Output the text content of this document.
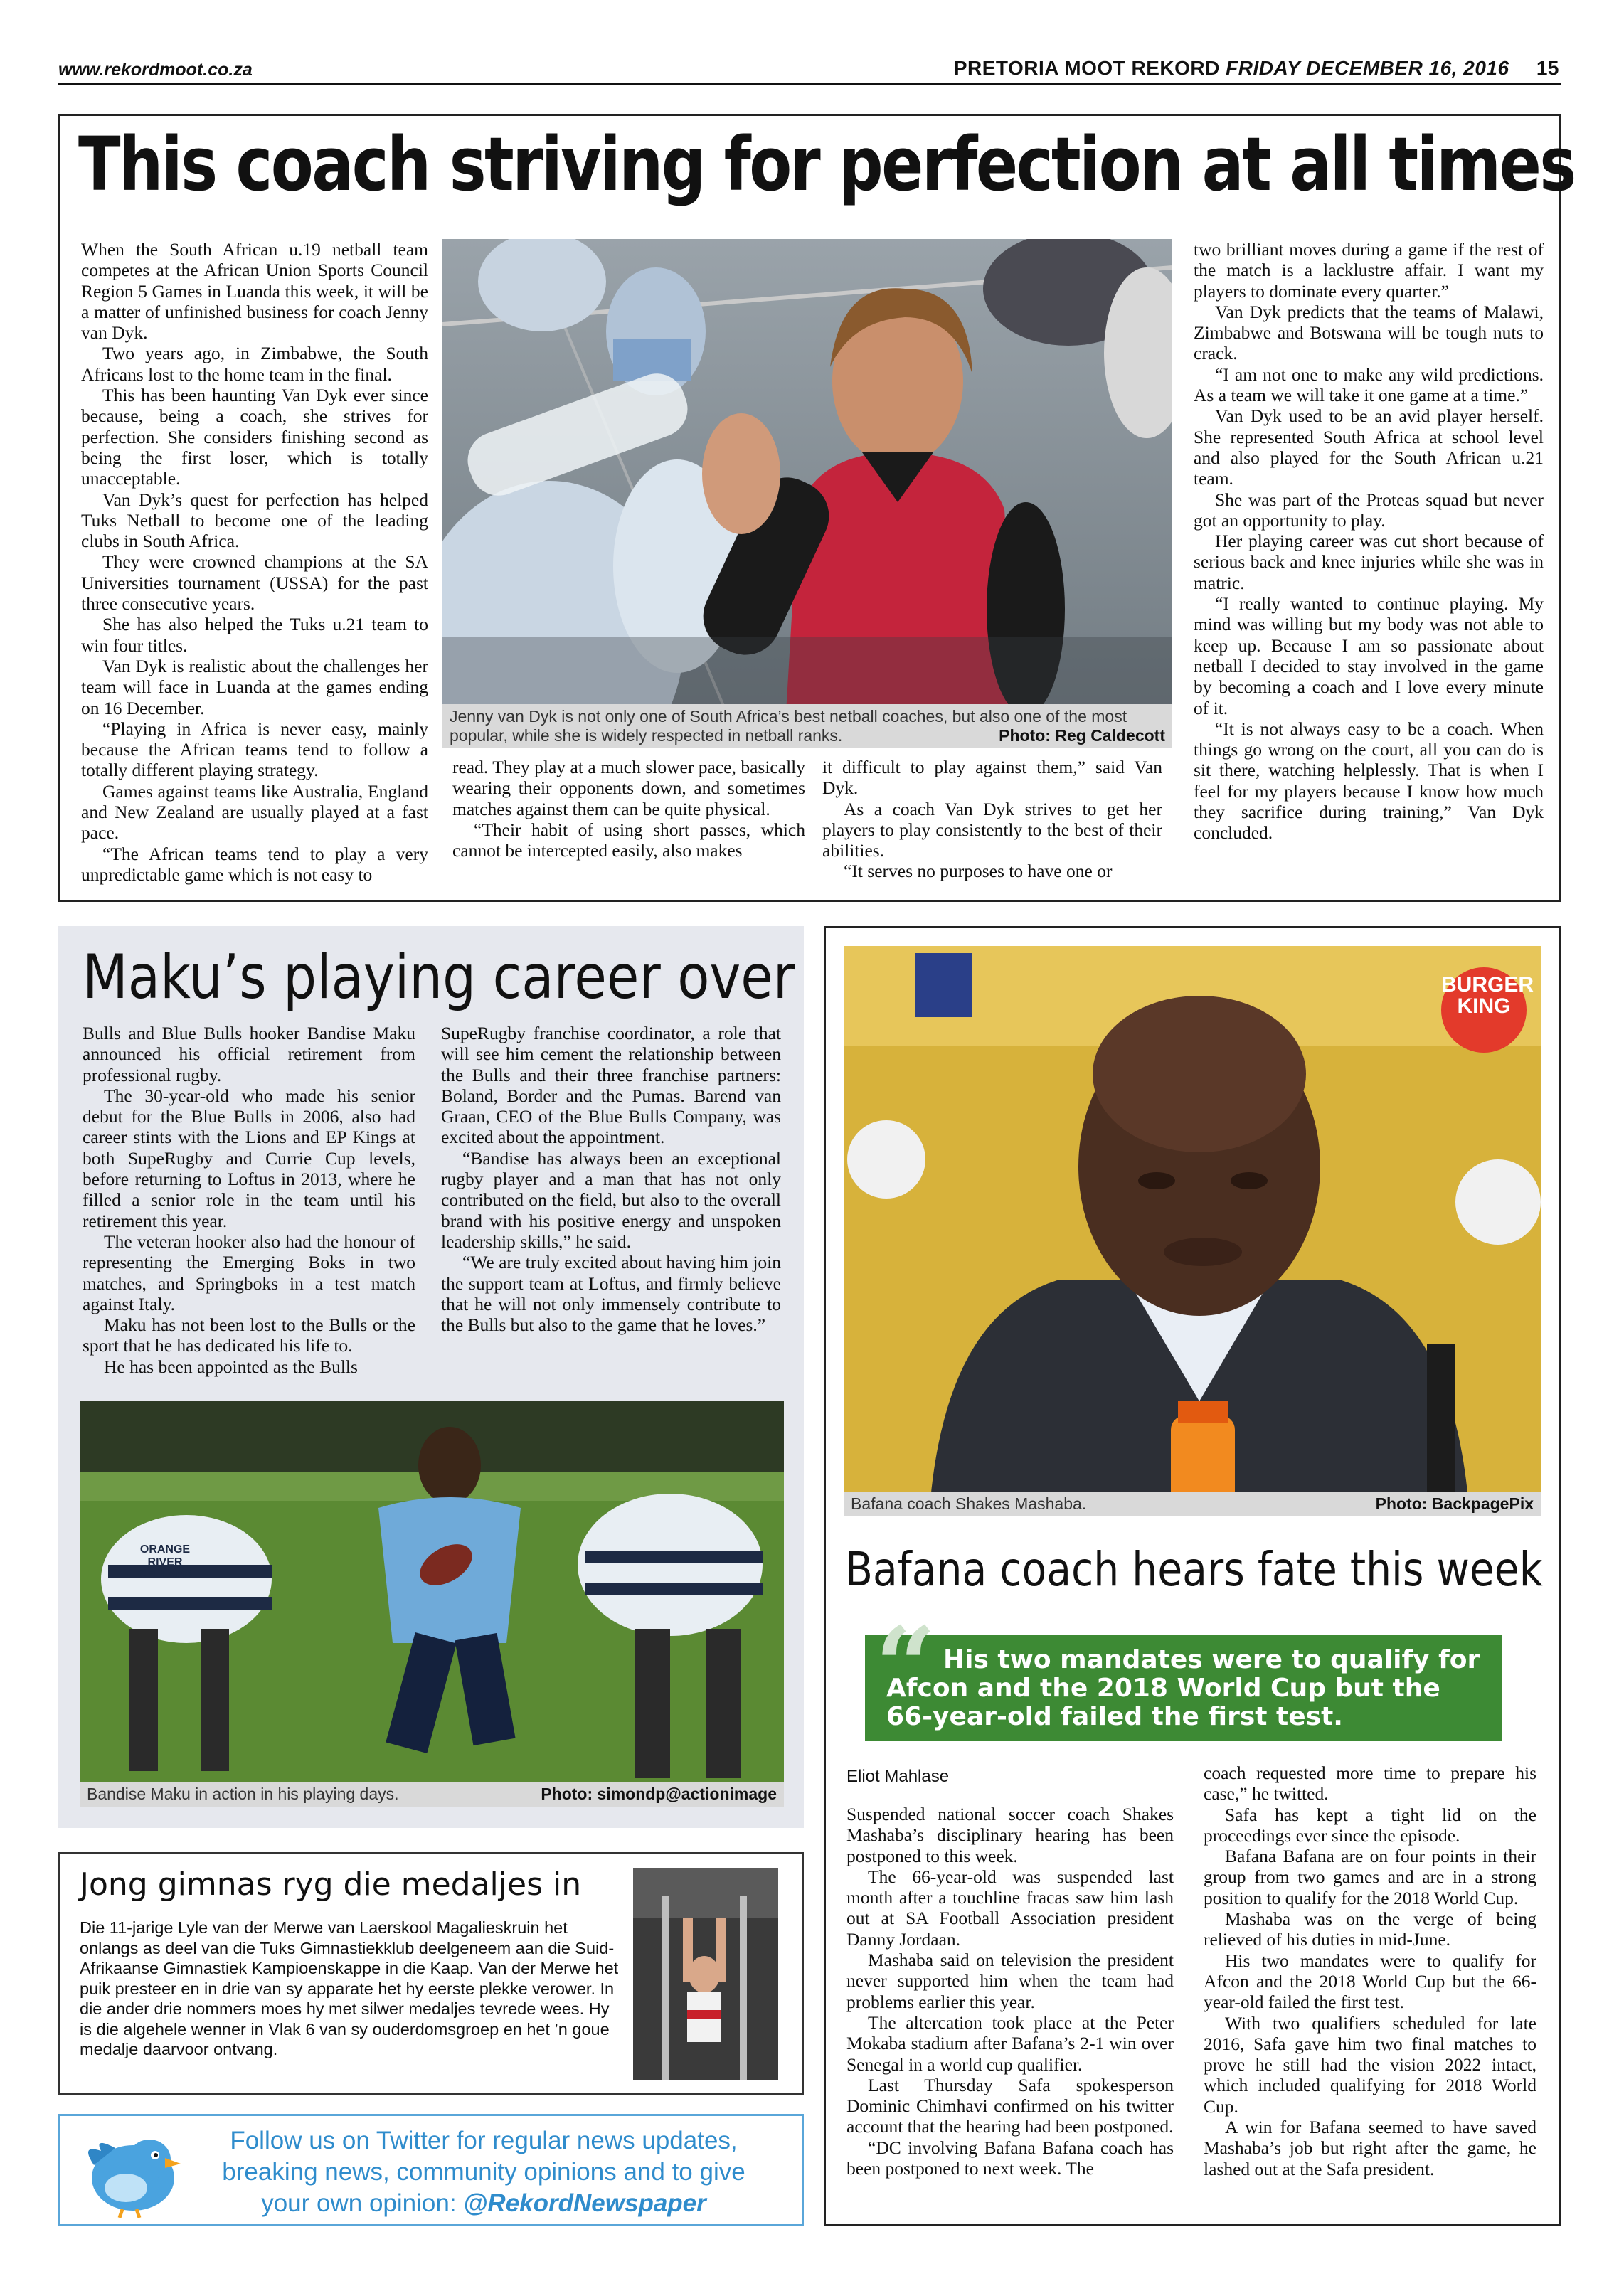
www.rekordmoot.co.za	PRETORIA MOOT REKORD FRIDAY DECEMBER 16, 2016 15
This coach striving for perfection at all times

When the South African u.19 netball team competes at the African Union Sports Council Region 5 Games in Luanda this week, it will be a matter of unfinished business for coach Jenny van Dyk.

Two years ago, in Zimbabwe, the South Africans lost to the home team in the final.

This has been haunting Van Dyk ever since because, being a coach, she strives for perfection. She considers finishing second as being the first loser, which is totally unacceptable.

Van Dyk’s quest for perfection has helped Tuks Netball to become one of the leading clubs in South Africa.

They were crowned champions at the SA Universities tournament (USSA) for the past three consecutive years.

She has also helped the Tuks u.21 team to win four titles.

Van Dyk is realistic about the challenges her team will face in Luanda at the games ending on 16 December.

“Playing in Africa is never easy, mainly because the African teams tend to follow a totally different playing strategy.

Games against teams like Australia, England and New Zealand are usually played at a fast pace.

“The African teams tend to play a very unpredictable game which is not easy to

Jenny van Dyk is not only one of South Africa’s best netball coaches, but also one of the most popular, while she is widely respected in netball ranks.	Photo: Reg Caldecott

read. They play at a much slower pace, basically wearing their opponents down, and sometimes matches against them can be quite physical.

“Their habit of using short passes, which cannot be intercepted easily, also makes

it difficult to play against them,” said Van Dyk.

As a coach Van Dyk strives to get her players to play consistently to the best of their abilities.

“It serves no purposes to have one or

two brilliant moves during a game if the rest of the match is a lacklustre affair. I want my players to dominate every quarter.”

Van Dyk predicts that the teams of Malawi, Zimbabwe and Botswana will be tough nuts to crack.

“I am not one to make any wild predictions. As a team we will take it one game at a time.”

Van Dyk used to be an avid player herself. She represented South Africa at school level and also played for the South African u.21 team.

She was part of the Proteas squad but never got an opportunity to play.

Her playing career was cut short because of serious back and knee injuries while she was in matric.

“I really wanted to continue playing. My mind was willing but my body was not able to keep up. Because I am so passionate about netball I decided to stay involved in the game by becoming a coach and I love every minute of it.

“It is not always easy to be a coach. When things go wrong on the court, all you can do is sit there, watching helplessly. That is when I feel for my players because I know how much they sacrifice during training,” Van Dyk concluded.

Maku’s playing career over

Bulls and Blue Bulls hooker Bandise Maku announced his official retirement from professional rugby.

The 30-year-old who made his senior debut for the Blue Bulls in 2006, also had career stints with the Lions and EP Kings at both SupeRugby and Currie Cup levels, before returning to Loftus in 2013, where he filled a senior role in the team until his retirement this year.

The veteran hooker also had the honour of representing the Emerging Boks in two matches, and Springboks in a test match against Italy.

Maku has not been lost to the Bulls or the sport that he has dedicated his life to.

He has been appointed as the Bulls

SupeRugby franchise coordinator, a role that will see him cement the relationship between the Bulls and their three franchise partners: Boland, Border and the Pumas. Barend van Graan, CEO of the Blue Bulls Company, was excited about the appointment.

“Bandise has always been an exceptional rugby player and a man that has not only contributed on the field, but also to the overall brand with his positive energy and unspoken leadership skills,” he said.

“We are truly excited about having him join the support team at Loftus, and firmly believe that he will not only immensely contribute to the Bulls but also to the game that he loves.”

ORANGE RIVER CELLARS
Bandise Maku in action in his playing days.	Photo: simondp@actionimage
BURGER KING
Bafana coach Shakes Mashaba.	Photo: BackpagePix
Bafana coach hears fate this week
“ His two mandates were to qualify for Afcon and the 2018 World Cup but the 66-year-old failed the first test.
Eliot Mahlase

Suspended national soccer coach Shakes Mashaba’s disciplinary hearing has been postponed to this week.

The 66-year-old was suspended last month after a touchline fracas saw him lash out at SA Football Association president Danny Jordaan.

Mashaba said on television the president never supported him when the team had problems earlier this year.

The altercation took place at the Peter Mokaba stadium after Bafana’s 2-1 win over Senegal in a world cup qualifier.

Last Thursday Safa spokesperson Dominic Chimhavi confirmed on his twitter account that the hearing had been postponed.

“DC involving Bafana Bafana coach has been postponed to next week. The

coach requested more time to prepare his case,” he twitted.

Safa has kept a tight lid on the proceedings ever since the episode.

Bafana Bafana are on four points in their group from two games and are in a strong position to qualify for the 2018 World Cup.

Mashaba was on the verge of being relieved of his duties in mid-June.

His two mandates were to qualify for Afcon and the 2018 World Cup but the 66-year-old failed the first test.

With two qualifiers scheduled for late 2016, Safa gave him two final matches to prove he still had the vision 2022 intact, which included qualifying for 2018 World Cup.

A win for Bafana seemed to have saved Mashaba’s job but right after the game, he lashed out at the Safa president.

Jong gimnas ryg die medaljes in
Die 11-jarige Lyle van der Merwe van Laerskool Magalieskruin het onlangs as deel van die Tuks Gimnastiekklub deelgeneem aan die Suid-Afrikaanse Gimnastiek Kampioenskappe in die Kaap. Van der Merwe het puik presteer en in drie van sy apparate het hy eerste plekke verower. In die ander drie nommers moes hy met silwer medaljes tevrede wees. Hy is die algehele wenner in Vlak 6 van sy ouderdomsgroep en het ’n goue medalje daarvoor ontvang.
Follow us on Twitter for regular news updates,
breaking news, community opinions and to give
your own opinion: @RekordNewspaper
